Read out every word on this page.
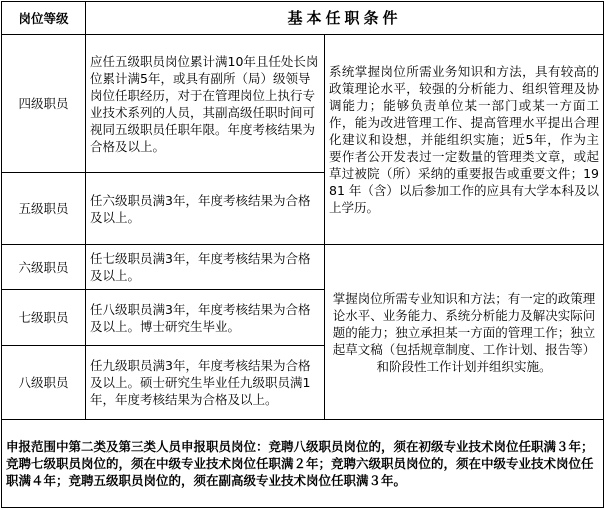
岗位等级	基本任职条件	
四级职员	应任五级职员岗位累计满10年且任处长岗位累计满5年，或具有副所（局）级领导岗位任职经历，对于在管理岗位上执行专业技术系列的人员，其副高级任职时间可视同五级职员任职年限。年度考核结果为合格及以上。	系统掌握岗位所需业务知识和方法，具有较高的政策理论水平，较强的分析能力、组织管理及协调能力；能够负责单位某一部门或某一方面工作，能为改进管理工作、提高管理水平提出合理化建议和设想，并能组织实施；近5年，作为主要作者公开发表过一定数量的管理类文章，或起草过被院（所）采纳的重要报告或重要文件；1981 年（含）以后参加工作的应具有大学本科及以上学历。
五级职员	任六级职员满3年，年度考核结果为合格及以上。	
六级职员	任七级职员满3年，年度考核结果为合格及以上。	掌握岗位所需专业知识和方法；有一定的政策理论水平、业务能力、系统分析能力及解决实际问题的能力；独立承担某一方面的管理工作；独立起草文稿（包括规章制度、工作计划、报告等）和阶段性工作计划并组织实施。
七级职员	任八级职员满3年，年度考核结果为合格及以上。博士研究生毕业。	
八级职员	任九级职员满3年，年度考核结果为合格及以上。硕士研究生毕业任九级职员满1年，年度考核结果为合格及以上。	
申报范围中第二类及第三类人员申报职员岗位：竞聘八级职员岗位的，须在初级专业技术岗位任职满３年；竞聘七级职员岗位的，须在中级专业技术岗位任职满２年；竞聘六级职员岗位的，须在中级专业技术岗位任职满４年；竞聘五级职员岗位的，须在副高级专业技术岗位任职满３年。		
